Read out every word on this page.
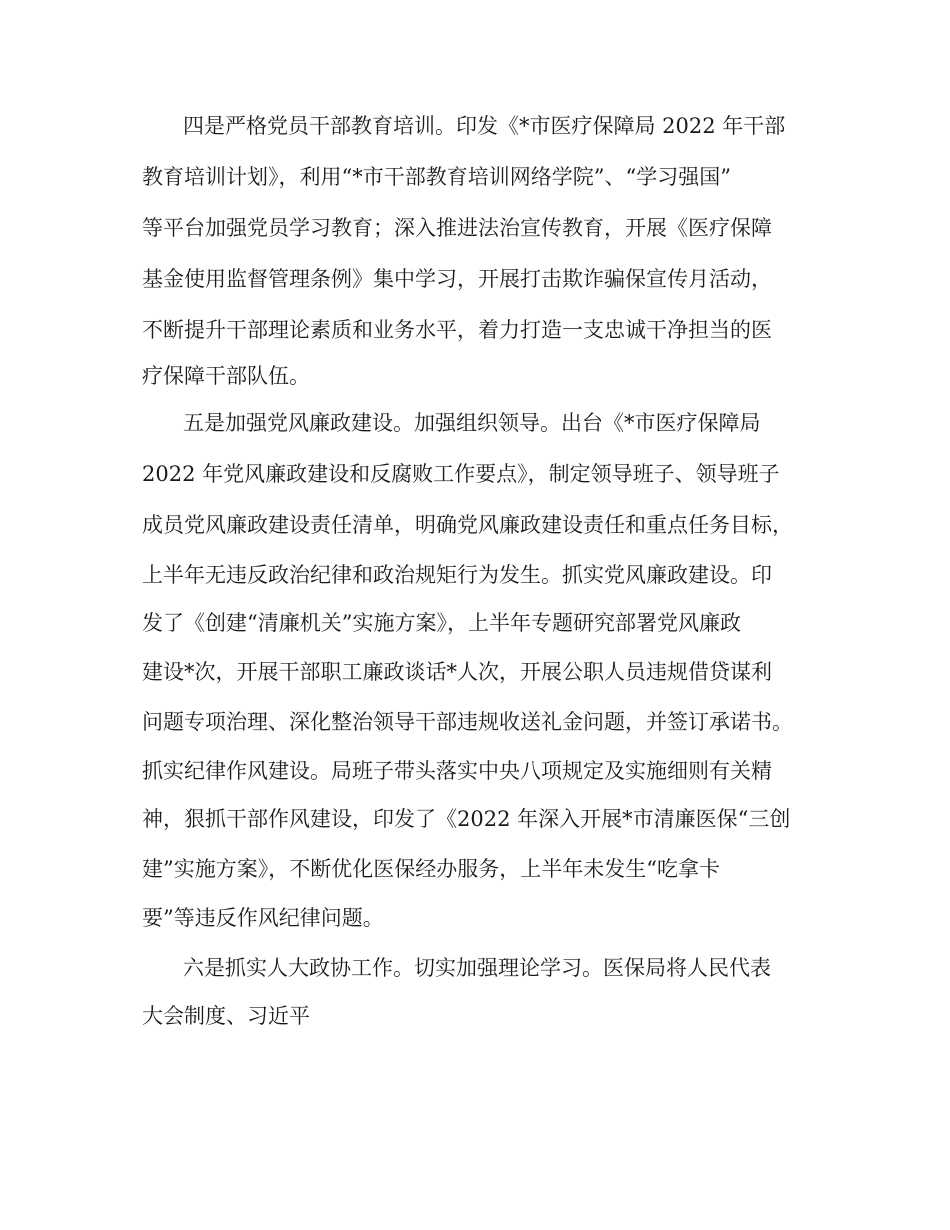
四是严格党员干部教育培训。印发《*市医疗保障局 2022 年干部
教育培训计划》，利用“*市干部教育培训网络学院”、“学习强国”
等平台加强党员学习教育；深入推进法治宣传教育，开展《医疗保障
基金使用监督管理条例》集中学习，开展打击欺诈骗保宣传月活动，
不断提升干部理论素质和业务水平，着力打造一支忠诚干净担当的医
疗保障干部队伍。
五是加强党风廉政建设。加强组织领导。出台《*市医疗保障局
2022 年党风廉政建设和反腐败工作要点》，制定领导班子、领导班子
成员党风廉政建设责任清单，明确党风廉政建设责任和重点任务目标，
上半年无违反政治纪律和政治规矩行为发生。抓实党风廉政建设。印
发了《创建“清廉机关”实施方案》，上半年专题研究部署党风廉政
建设*次，开展干部职工廉政谈话*人次，开展公职人员违规借贷谋利
问题专项治理、深化整治领导干部违规收送礼金问题，并签订承诺书。
抓实纪律作风建设。局班子带头落实中央八项规定及实施细则有关精
神，狠抓干部作风建设，印发了《2022 年深入开展*市清廉医保“三创
建”实施方案》，不断优化医保经办服务，上半年未发生“吃拿卡
要”等违反作风纪律问题。
六是抓实人大政协工作。切实加强理论学习。医保局将人民代表
大会制度、习近平
